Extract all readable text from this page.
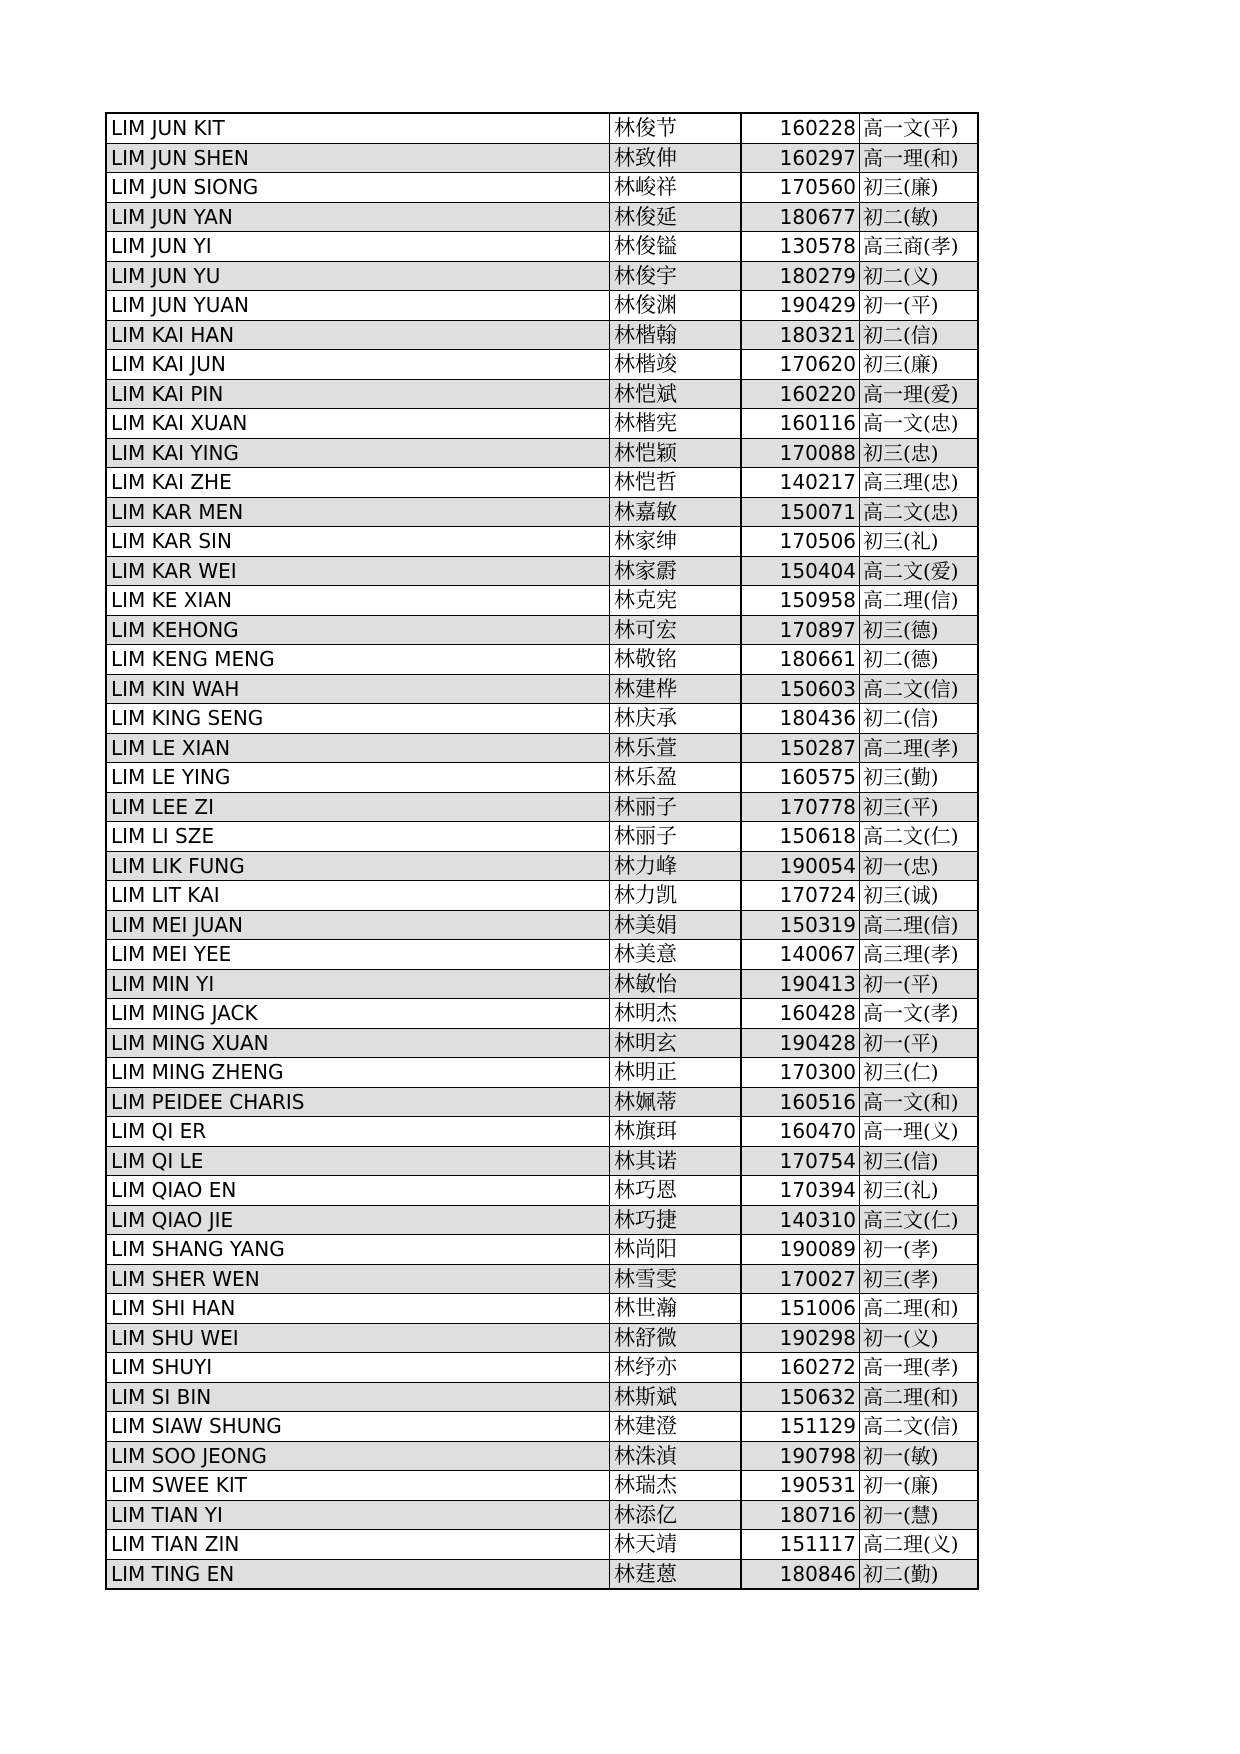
LIM JUN KIT	林俊节	160228	高一文(平)
LIM JUN SHEN	林致伸	160297	高一理(和)
LIM JUN SIONG	林峻祥	170560	初三(廉)
LIM JUN YAN	林俊延	180677	初二(敏)
LIM JUN YI	林俊镒	130578	高三商(孝)
LIM JUN YU	林俊宇	180279	初二(义)
LIM JUN YUAN	林俊渊	190429	初一(平)
LIM KAI HAN	林楷翰	180321	初二(信)
LIM KAI JUN	林楷竣	170620	初三(廉)
LIM KAI PIN	林恺斌	160220	高一理(爱)
LIM KAI XUAN	林楷宪	160116	高一文(忠)
LIM KAI YING	林恺颖	170088	初三(忠)
LIM KAI ZHE	林恺哲	140217	高三理(忠)
LIM KAR MEN	林嘉敏	150071	高二文(忠)
LIM KAR SIN	林家绅	170506	初三(礼)
LIM KAR WEI	林家霨	150404	高二文(爱)
LIM KE XIAN	林克宪	150958	高二理(信)
LIM KEHONG	林可宏	170897	初三(德)
LIM KENG MENG	林敬铭	180661	初二(德)
LIM KIN WAH	林建桦	150603	高二文(信)
LIM KING SENG	林庆承	180436	初二(信)
LIM LE XIAN	林乐萱	150287	高二理(孝)
LIM LE YING	林乐盈	160575	初三(勤)
LIM LEE ZI	林丽子	170778	初三(平)
LIM LI SZE	林丽子	150618	高二文(仁)
LIM LIK FUNG	林力峰	190054	初一(忠)
LIM LIT KAI	林力凯	170724	初三(诚)
LIM MEI JUAN	林美娟	150319	高二理(信)
LIM MEI YEE	林美意	140067	高三理(孝)
LIM MIN YI	林敏怡	190413	初一(平)
LIM MING JACK	林明杰	160428	高一文(孝)
LIM MING XUAN	林明玄	190428	初一(平)
LIM MING ZHENG	林明正	170300	初三(仁)
LIM PEIDEE CHARIS	林姵蒂	160516	高一文(和)
LIM QI ER	林旗珥	160470	高一理(义)
LIM QI LE	林其诺	170754	初三(信)
LIM QIAO EN	林巧恩	170394	初三(礼)
LIM QIAO JIE	林巧捷	140310	高三文(仁)
LIM SHANG YANG	林尚阳	190089	初一(孝)
LIM SHER WEN	林雪雯	170027	初三(孝)
LIM SHI HAN	林世瀚	151006	高二理(和)
LIM SHU WEI	林舒微	190298	初一(义)
LIM SHUYI	林纾亦	160272	高一理(孝)
LIM SI BIN	林斯斌	150632	高二理(和)
LIM SIAW SHUNG	林建澄	151129	高二文(信)
LIM SOO JEONG	林洙湞	190798	初一(敏)
LIM SWEE KIT	林瑞杰	190531	初一(廉)
LIM TIAN YI	林添亿	180716	初一(慧)
LIM TIAN ZIN	林天靖	151117	高二理(义)
LIM TING EN	林莛蒽	180846	初二(勤)
